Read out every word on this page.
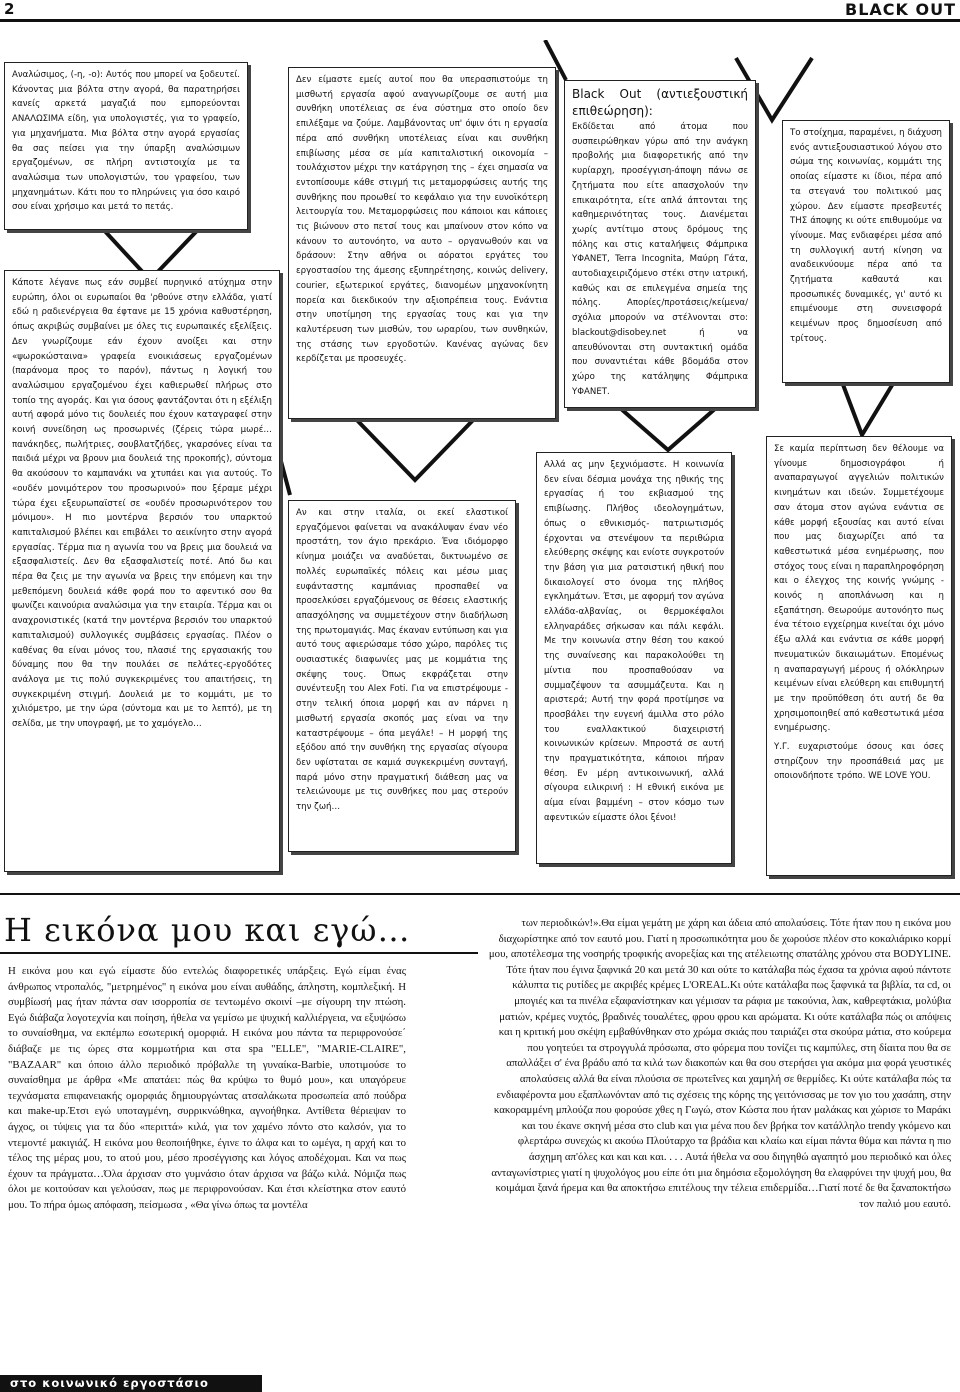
2	BLACK OUT
Αναλώσιμος, (-η, -ο): Αυτός που μπορεί να ξοδευτεί. Κάνοντας μια βόλτα στην αγορά, θα παρατηρήσει κανείς αρκετά μαγαζιά που εμπορεύονται ΑΝΑΛΩΣΙΜΑ είδη, για υπολογιστές, για το γραφείο, για μηχανήματα. Μια βόλτα στην αγορά εργασίας θα σας πείσει για την ύπαρξη αναλώσιμων εργαζομένων, σε πλήρη αντιστοιχία με τα αναλώσιμα των υπολογιστών, του γραφείου, των μηχανημάτων. Κάτι που το πληρώνεις για όσο καιρό σου είναι χρήσιμο και μετά το πετάς.
Κάποτε λέγανε πως εάν συμβεί πυρηνικό ατύχημα στην ευρώπη, όλοι οι ευρωπαίοι θα 'ρθούνε στην ελλάδα, γιατί εδώ η ραδιενέργεια θα έφτανε με 15 χρόνια καθυστέρηση, όπως ακριβώς συμβαίνει με όλες τις ευρωπαικές εξελίξεις. Δεν γνωρίζουμε εάν έχουν ανοίξει και στην «ψωροκώσταινα» γραφεία ενοικιάσεως εργαζομένων (παράνομα προς το παρόν), πάντως η λογική του αναλώσιμου εργαζομένου έχει καθιερωθεί πλήρως στο τοπίο της αγοράς. Και για όσους φαντάζονται ότι η εξέλιξη αυτή αφορά μόνο τις δουλειές που έχουν καταγραφεί στην κοινή συνείδηση ως προσωρινές (ζέρεις τώρα μωρέ… πανάκηδες, πωλήτριες, σουβλατζήδες, γκαρσόνες είναι τα παιδιά μέχρι να βρουν μια δουλειά της προκοπής), σύντομα θα ακούσουν το καμπανάκι να χτυπάει και για αυτούς. Το «ουδέν μονιμότερον του προσωρινού» που ξέραμε μέχρι τώρα έχει εξευρωπαϊστεί σε «ουδέν προσωρινότερον του μόνιμου». Η πιο μοντέρνα βερσιόν του υπαρκτού καπιταλισμού βλέπει και επιβάλει το αεικίνητο στην αγορά εργασίας. Τέρμα πια η αγωνία του να βρεις μια δουλειά να εξασφαλιστείς. Δεν θα εξασφαλιστείς ποτέ. Από δω και πέρα θα ζεις με την αγωνία να βρεις την επόμενη και την μεθεπόμενη δουλειά κάθε φορά που το αφεντικό σου θα ψωνίζει καινούρια αναλώσιμα για την εταιρία. Τέρμα και οι αναχρονιστικές (κατά την μοντέρνα βερσιόν του υπαρκτού καπιταλισμού) συλλογικές συμβάσεις εργασίας. Πλέον ο καθένας θα είναι μόνος του, πλασιέ της εργασιακής του δύναμης που θα την πουλάει σε πελάτες-εργοδότες ανάλογα με τις πολύ συγκεκριμένες του απαιτήσεις, τη συγκεκριμένη στιγμή. Δουλειά με το κομμάτι, με το χιλιόμετρο, με την ώρα (σύντομα και με το λεπτό), με τη σελίδα, με την υπογραφή, με το χαμόγελο…
Δεν είμαστε εμείς αυτοί που θα υπερασπιστούμε τη μισθωτή εργασία αφού αναγνωρίζουμε σε αυτή μια συνθήκη υποτέλειας σε ένα σύστημα στο οποίο δεν επιλέξαμε να ζούμε. Λαμβάνοντας υπ' όψιν ότι η εργασία πέρα από συνθήκη υποτέλειας είναι και συνθήκη επιβίωσης μέσα σε μία καπιταλιστική οικονομία –τουλάχιστον μέχρι την κατάργηση της – έχει σημασία να εντοπίσουμε κάθε στιγμή τις μεταμορφώσεις αυτής της συνθήκης που προωθεί το κεφάλαιο για την ευνοϊκότερη λειτουργία του. Μεταμορφώσεις που κάποιοι και κάποιες τις βιώνουν στο πετσί τους και μπαίνουν στον κόπο να κάνουν το αυτονόητο, να αυτο – οργανωθούν και να δράσουν: Στην αθήνα οι αόρατοι εργάτες του εργοστασίου της άμεσης εξυπηρέτησης, κοινώς delivery, courier, εξωτερικοί εργάτες, διανομέων μηχανοκίνητη πορεία και διεκδικούν την αξιοπρέπεια τους. Ενάντια στην υποτίμηση της εργασίας τους και για την καλυτέρευση των μισθών, του ωραρίου, των συνθηκών, της στάσης των εργοδοτών. Κανένας αγώνας δεν κερδίζεται με προσευχές.
Black Out (αντιεξουστική επιθεώρηση):
Εκδίδεται από άτομα που συσπειρώθηκαν γύρω από την ανάγκη προβολής μια διαφορετικής από την κυρίαρχη, προσέγγιση-άποψη πάνω σε ζητήματα που είτε απασχολούν την επικαιρότητα, είτε απλά άπτονται της καθημερινότητας τους. Διανέμεται χωρίς αντίτιμο στους δρόμους της πόλης και στις καταλήψεις Φάμπρικα ΥΦΑΝΕΤ, Terra Incognita, Μαύρη Γάτα, αυτοδιαχειριζόμενο στέκι στην ιατρική, καθώς και σε επιλεγμένα σημεία της πόλης. Απορίες/προτάσεις/κείμενα/σχόλια μπορούν να στέλνονται στο: blackout@disobey.net ή να απευθύνονται στη συντακτική ομάδα που συναντιέται κάθε βδομάδα στον χώρο της κατάληψης Φάμπρικα ΥΦΑΝΕΤ.
Το στοίχημα, παραμένει, η διάχυση ενός αντιεξουσιαστικού λόγου στο σώμα της κοινωνίας, κομμάτι της οποίας είμαστε κι ίδιοι, πέρα από τα στεγανά του πολιτικού μας χώρου. Δεν είμαστε πρεσβευτές ΤΗΣ άποψης κι ούτε επιθυμούμε να γίνουμε. Μας ενδιαφέρει μέσα από τη συλλογική αυτή κίνηση να αναδεικνύουμε πέρα από τα ζητήματα καθαυτά και προσωπικές δυναμικές, γι' αυτό κι επιμένουμε στη συνεισφορά κειμένων προς δημοσίευση από τρίτους.
Αν και στην ιταλία, οι εκεί ελαστικοί εργαζόμενοι φαίνεται να ανακάλυψαν έναν νέο προστάτη, τον άγιο πρεκάριο. Ένα ιδιόμορφο κίνημα μοιάζει να αναδύεται, δικτυωμένο σε πολλές ευρωπαϊκές πόλεις και μέσω μιας ευφάνταστης καμπάνιας προσπαθεί να προσελκύσει εργαζόμενους σε θέσεις ελαστικής απασχόλησης να συμμετέχουν στην διαδήλωση της πρωτομαγιάς. Μας έκαναν εντύπωση και για αυτό τους αφιερώσαμε τόσο χώρο, παρόλες τις ουσιαστικές διαφωνίες μας με κομμάτια της σκέψης τους. Όπως εκφράζεται στην συνέντευξη του Alex Foti. Για να επιστρέψουμε - στην τελική όποια μορφή και αν πάρνει η μισθωτή εργασία σκοπός μας είναι να την καταστρέψουμε – όπα μεγάλε! – Η μορφή της εξόδου από την συνθήκη της εργασίας σίγουρα δεν υφίσταται σε καμιά συγκεκριμένη συνταγή, παρά μόνο στην πραγματική διάθεση μας να τελειώνουμε με τις συνθήκες που μας στερούν την ζωή…
Αλλά ας μην ξεχνιόμαστε. Η κοινωνία δεν είναι δέσμια μονάχα της ηθικής της εργασίας ή του εκβιασμού της επιβίωσης. Πλήθος ιδεολογημάτων, όπως ο εθνικισμός- πατριωτισμός έρχονται να στενέψουν τα περιθώρια ελεύθερης σκέψης και ενίοτε συγκροτούν την βάση για μια ρατσιστική ηθική που δικαιολογεί στο όνομα της πλήθος εγκλημάτων. Έτσι, με αφορμή τον αγώνα ελλάδα-αλβανίας, οι θερμοκέφαλοι ελληναράδες σήκωσαν και πάλι κεφάλι. Με την κοινωνία στην θέση του κακού της συναίνεσης και παρακολούθει τη μίντια που προσπαθούσαν να συμμαζέψουν τα ασυμμάζευτα. Και η αριστερά; Αυτή την φορά προτίμησε να προσβάλει την ευγενή άμιλλα στο ρόλο του εναλλακτικού διαχειριστή κοινωνικών κρίσεων. Μπροστά σε αυτή την πραγματικότητα, κάποιοι πήραν θέση. Εν μέρη αντικοινωνική, αλλά σίγουρα ειλικρινή : Η εθνική εικόνα με αίμα είναι βαμμένη – στον κόσμο των αφεντικών είμαστε όλοι ξένοι!
Σε καμία περίπτωση δεν θέλουμε να γίνουμε δημοσιογράφοι ή αναπαραγωγοί αγγελιών πολιτικών κινημάτων και ιδεών. Συμμετέχουμε σαν άτομα στον αγώνα ενάντια σε κάθε μορφή εξουσίας και αυτό είναι που μας διαχωρίζει από τα καθεστωτικά μέσα ενημέρωσης, που στόχος τους είναι η παραπληροφόρηση και ο έλεγχος της κοινής γνώμης - κοινός η αποπλάνωση και η εξαπάτηση. Θεωρούμε αυτονόητο πως ένα τέτοιο εγχείρημα κινείται όχι μόνο έξω αλλά και ενάντια σε κάθε μορφή πνευματικών δικαιωμάτων. Επομένως η αναπαραγωγή μέρους ή ολόκληρων κειμένων είναι ελεύθερη και επιθυμητή με την προϋπόθεση ότι αυτή δε θα χρησιμοποιηθεί από καθεστωτικά μέσα ενημέρωσης.
Υ.Γ. ευχαριστούμε όσους και όσες στηρίζουν την προσπάθειά μας με οποιονδήποτε τρόπο. WE LOVE YOU.
Η εικόνα μου και εγώ…
Η εικόνα μου και εγώ είμαστε δύο εντελώς διαφορετικές υπάρξεις. Εγώ είμαι ένας άνθρωπος ντροπαλός, "μετρημένος" η εικόνα μου είναι αυθάδης, άπληστη, κομπλεξική. Η συμβίωσή μας ήταν πάντα σαν ισορροπία σε τεντωμένο σκοινί –με σίγουρη την πτώση. Εγώ διάβαζα λογοτεχνία και ποίηση, ήθελα να γεμίσω με ψυχική καλλιέργεια, να εξυψώσω το συναίσθημα, να εκπέμπω εσωτερική ομορφιά. Η εικόνα μου πάντα τα περιφρονούσε΄ διάβαζε με τις ώρες στα κομμωτήρια και στα spa "ELLE", "MARIE-CLAIRE", "BAZAAR" και όποιο άλλο περιοδικό πρόβαλλε τη γυναίκα-Barbie, υποτιμούσε το συναίσθημα με άρθρα «Με απατάει: πώς θα κρύψω το θυμό μου», και υπαγόρευε τεχνάσματα επιφανειακής ομορφιάς δημιουργώντας ατσαλάκωτα προσωπεία από πούδρα και make-up.Έτσι εγώ υποταγμένη, συρρικνώθηκα, αγνοήθηκα. Αντίθετα θέριεψαν το άγχος, οι τύψεις για τα δύο «περιττά» κιλά, για τον χαμένο πόντο στο καλσόν, για το ντεμοντέ μακιγιάζ. Η εικόνα μου θεοποιήθηκε, έγινε το άλφα και το ωμέγα, η αρχή και το τέλος της μέρας μου, το ατού μου, μέσο προσέγγισης και λόγος αποδέχομαι. Και να πως έχουν τα πράγματα…Όλα άρχισαν στο γυμνάσιο όταν άρχισα να βάζω κιλά. Νόμιζα πως όλοι με κοιτούσαν και γελούσαν, πως με περιφρονούσαν. Και έτσι κλείστηκα στον εαυτό μου. Το πήρα όμως απόφαση, πείσμωσα , «Θα γίνω όπως τα μοντέλα
των περιοδικών!».Θα είμαι γεμάτη με χάρη και άδεια από απολαύσεις. Τότε ήταν που η εικόνα μου διαχωρίστηκε από τον εαυτό μου. Γιατί η προσωπικότητα μου δε χωρούσε πλέον στο κοκαλιάρικο κορμί μου, αποτέλεσμα της νοσηρής τροφικής ανορεξίας και της ατέλειωτης σπατάλης χρόνου στα BODYLINE. Τότε ήταν που έγινα ξαφνικά 20 και μετά 30 και ούτε το κατάλαβα πώς έχασα τα χρόνια αφού πάντοτε κάλυπτα τις ρυτίδες με ακριβές κρέμες L'OREAL.Κι ούτε κατάλαβα πως ξαφνικά τα βιβλία, τα cd, οι μπογιές και τα πινέλα εξαφανίστηκαν και γέμισαν τα ράφια με τακούνια, λακ, καθρεφτάκια, μολύβια ματιών, κρέμες νυχτός, βραδινές τουαλέτες, φρου φρου και αρώματα. Κι ούτε κατάλαβα πώς οι απόψεις και η κριτική μου σκέψη εμβαθύνθηκαν στο χρώμα σκιάς που ταιριάζει στα σκούρα μάτια, στο κούρεμα που γοητεύει τα στρογγυλά πρόσωπα, στο φόρεμα που τονίζει τις καμπύλες, στη δίαιτα που θα σε απαλλάξει σ' ένα βράδυ από τα κιλά των διακοπών και θα σου στερήσει για ακόμα μια φορά γευστικές απολαύσεις αλλά θα είναι πλούσια σε πρωτεΐνες και χαμηλή σε θερμίδες. Κι ούτε κατάλαβα πώς τα ενδιαφέροντα μου εξαπλωνόνταν από τις σχέσεις της κόρης της γειτόνισσας με τον γιο του χασάπη, στην κακοραμμένη μπλούζα που φορούσε χθες η Γωγώ, στον Κώστα που ήταν μαλάκας και χώρισε το Μαράκι και του έκανε σκηνή μέσα στο club και για μένα που δεν βρήκα τον κατάλληλο trendy γκόμενο και φλερτάρω συνεχώς κι ακούω Πλούταρχο τα βράδια και κλαίω και είμαι πάντα θύμα και πάντα η πιο άσχημη απ'όλες και και και και. . . . Αυτά ήθελα να σου διηγηθώ αγαπητό μου περιοδικό και όλες ανταγωνίστριες γιατί η ψυχολόγος μου είπε ότι μια δημόσια εξομολόγηση θα ελαφρύνει την ψυχή μου, θα κοιμάμαι ξανά ήρεμα και θα αποκτήσω επιτέλους την τέλεια επιδερμίδα…Γιατί ποτέ δε θα ξαναποκτήσω τον παλιό μου εαυτό.
στο κοινωνικό εργοστάσιο
